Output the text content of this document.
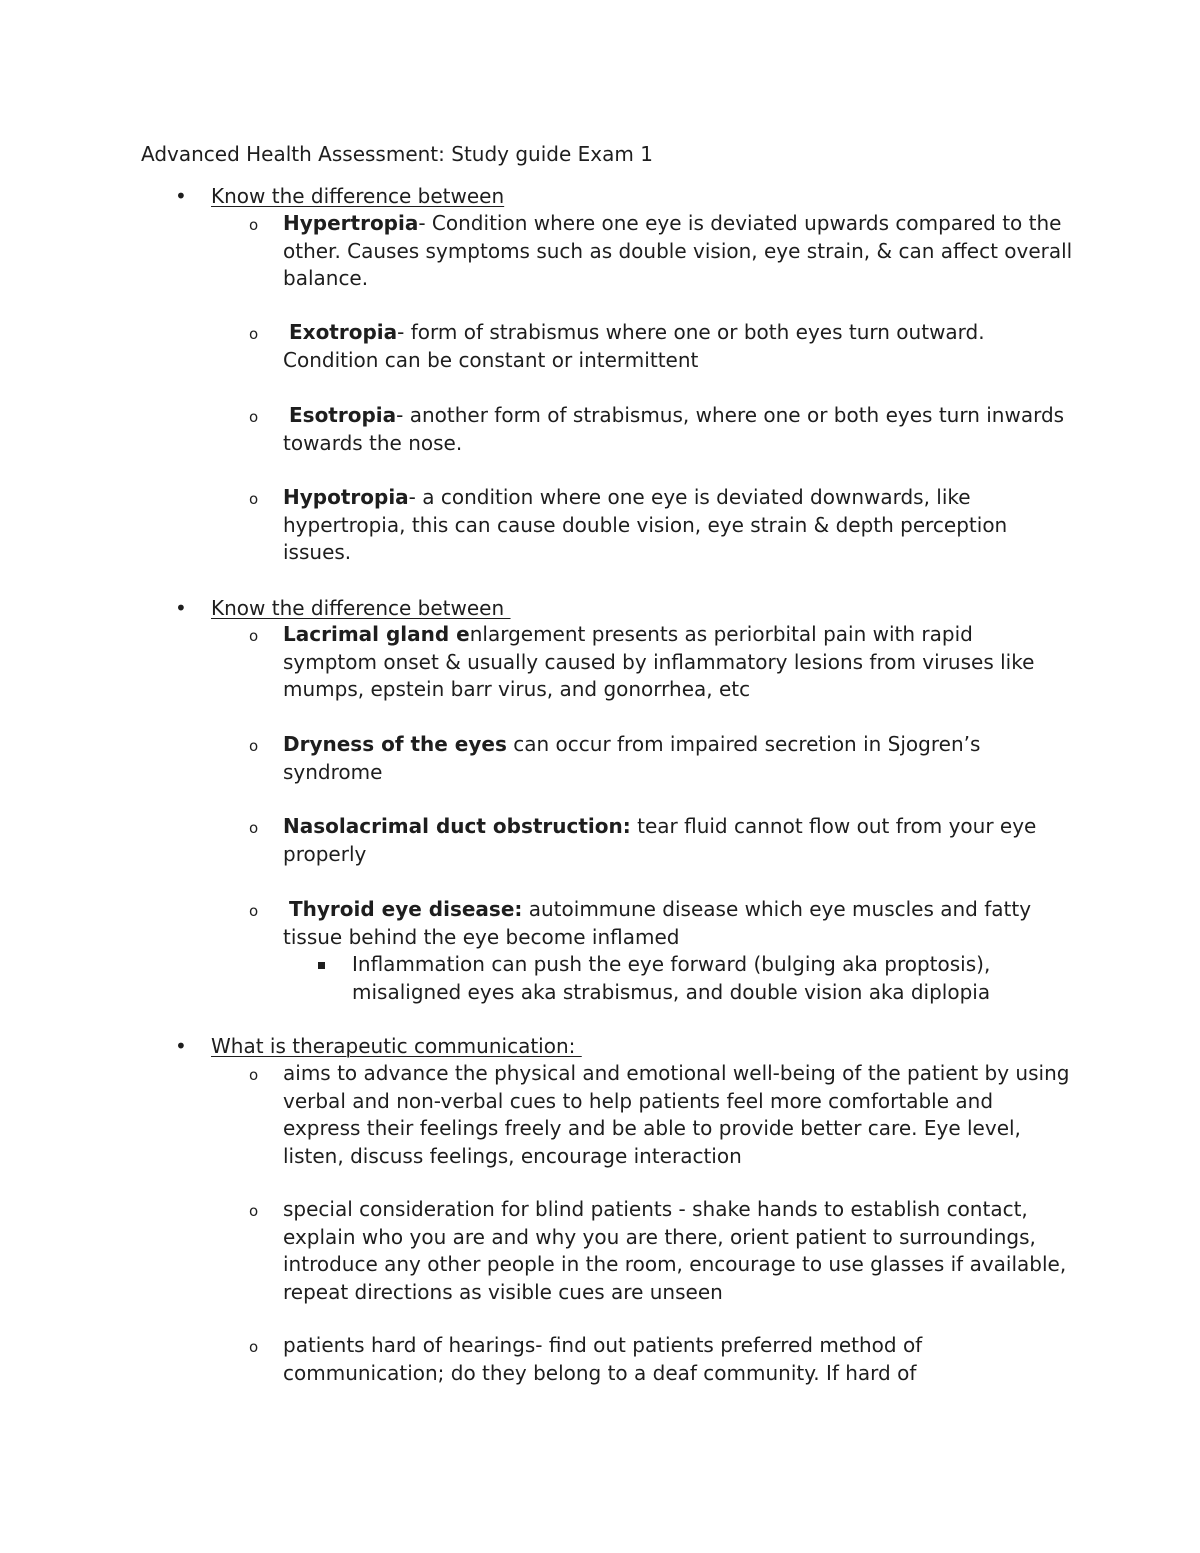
Advanced Health Assessment: Study guide Exam 1
• Know the difference between
o Hypertropia- Condition where one eye is deviated upwards compared to the other. Causes symptoms such as double vision, eye strain, & can affect overall balance.
o	Exotropia- form of strabismus where one or both eyes turn outward. Condition can be constant or intermittent
o	Esotropia- another form of strabismus, where one or both eyes turn inwards towards the nose.
o Hypotropia- a condition where one eye is deviated downwards, like hypertropia, this can cause double vision, eye strain & depth perception issues.
• Know the difference between
o Lacrimal gland enlargement presents as periorbital pain with rapid symptom onset & usually caused by inflammatory lesions from viruses like mumps, epstein barr virus, and gonorrhea, etc
o Dryness of the eyes can occur from impaired secretion in Sjogren’s syndrome
o Nasolacrimal duct obstruction: tear fluid cannot flow out from your eye properly
o	Thyroid eye disease: autoimmune disease which eye muscles and fatty tissue behind the eye become inflamed
Inflammation can push the eye forward (bulging aka proptosis), misaligned eyes aka strabismus, and double vision aka diplopia
• What is therapeutic communication:
o aims to advance the physical and emotional well-being of the patient by using verbal and non-verbal cues to help patients feel more comfortable and express their feelings freely and be able to provide better care. Eye level, listen, discuss feelings, encourage interaction
o special consideration for blind patients - shake hands to establish contact, explain who you are and why you are there, orient patient to surroundings, introduce any other people in the room, encourage to use glasses if available, repeat directions as visible cues are unseen
o patients hard of hearings- find out patients preferred method of communication; do they belong to a deaf community. If hard of
